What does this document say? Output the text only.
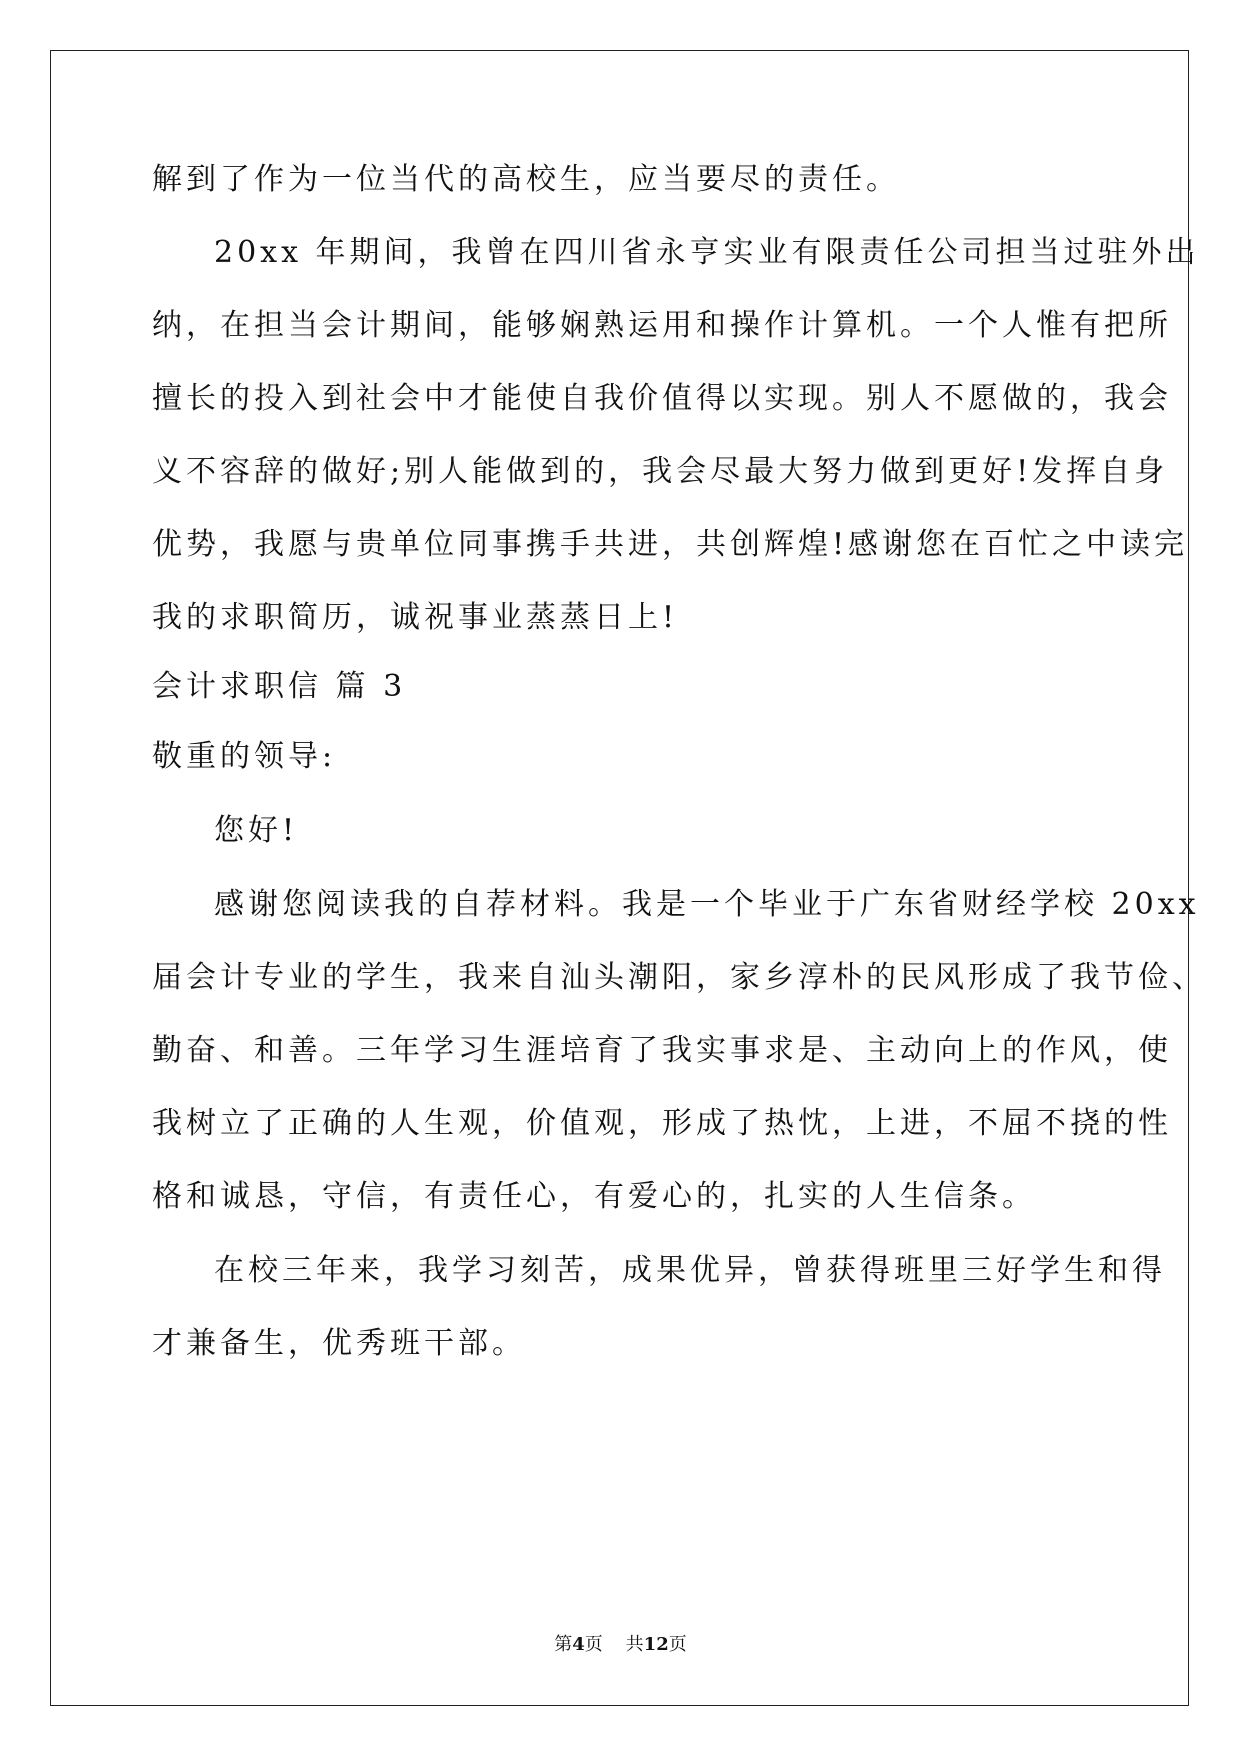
解到了作为一位当代的高校生，应当要尽的责任。
20xx 年期间，我曾在四川省永亨实业有限责任公司担当过驻外出
纳，在担当会计期间，能够娴熟运用和操作计算机。一个人惟有把所
擅长的投入到社会中才能使自我价值得以实现。别人不愿做的，我会
义不容辞的做好;别人能做到的，我会尽最大努力做到更好!发挥自身
优势，我愿与贵单位同事携手共进，共创辉煌!感谢您在百忙之中读完
我的求职简历，诚祝事业蒸蒸日上!
会计求职信 篇 3
敬重的领导:
您好!
感谢您阅读我的自荐材料。我是一个毕业于广东省财经学校 20xx
届会计专业的学生，我来自汕头潮阳，家乡淳朴的民风形成了我节俭、
勤奋、和善。三年学习生涯培育了我实事求是、主动向上的作风，使
我树立了正确的人生观，价值观，形成了热忱，上进，不屈不挠的性
格和诚恳，守信，有责任心，有爱心的，扎实的人生信条。
在校三年来，我学习刻苦，成果优异，曾获得班里三好学生和得
才兼备生，优秀班干部。
第4页 共12页
